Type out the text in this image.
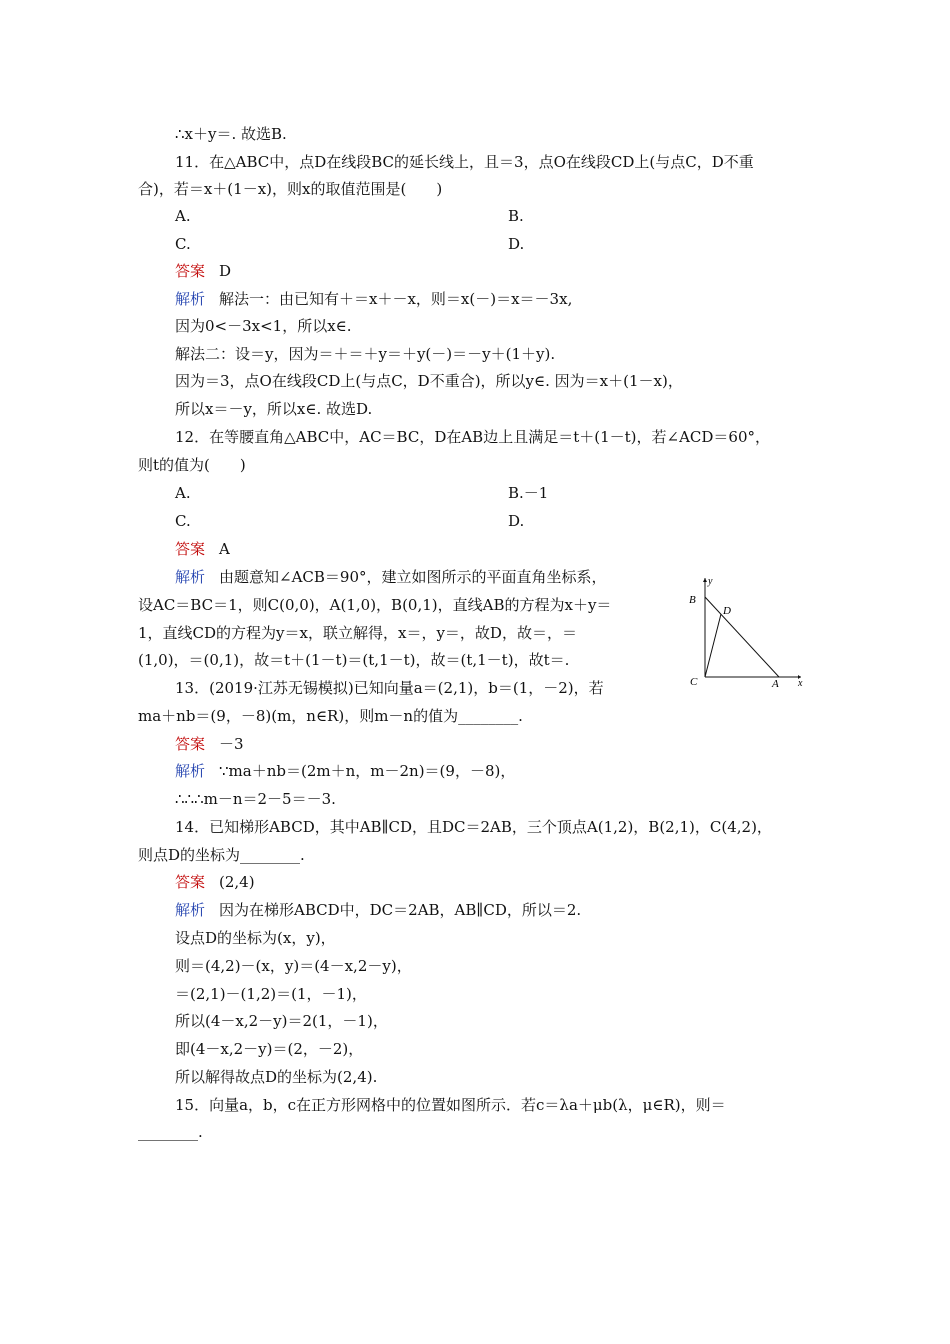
∴x＋y＝. 故选B.
11．在△ABC中，点D在线段BC的延长线上，且＝3，点O在线段CD上(与点C，D不重
合)，若＝x＋(1－x)，则x的取值范围是(　　)
A.	B.
C.	D.
答案 D
解析 解法一：由已知有＋＝x＋－x，则＝x(－)＝x＝－3x,
因为0<－3x<1，所以x∈.
解法二：设＝y，因为＝＋＝＋y＝＋y(－)＝－y＋(1＋y).
因为＝3，点O在线段CD上(与点C，D不重合)，所以y∈. 因为＝x＋(1－x)，
所以x＝－y，所以x∈. 故选D.
12．在等腰直角△ABC中，AC＝BC，D在AB边上且满足＝t＋(1－t)，若∠ACD＝60°，
则t的值为(　　)
A.	B.－1
C.	D.
答案 A
解析 由题意知∠ACB＝90°，建立如图所示的平面直角坐标系，
设AC＝BC＝1，则C(0,0)，A(1,0)，B(0,1)，直线AB的方程为x＋y＝
1，直线CD的方程为y＝x，联立解得，x＝，y＝，故D，故＝，＝
(1,0)，＝(0,1)，故＝t＋(1－t)＝(t,1－t)，故＝(t,1－t)，故t＝.
y
x
B
D
C	A
13．(2019·江苏无锡模拟)已知向量a＝(2,1)，b＝(1，－2)，若
ma＋nb＝(9，－8)(m，n∈R)，则m－n的值为________.
答案 －3
解析 ∵ma＋nb＝(2m＋n，m－2n)＝(9，－8)，
∴∴∴m－n＝2－5＝－3.
14．已知梯形ABCD，其中AB∥CD，且DC＝2AB，三个顶点A(1,2)，B(2,1)，C(4,2)，
则点D的坐标为________.
答案 (2,4)
解析 因为在梯形ABCD中，DC＝2AB，AB∥CD，所以＝2.
设点D的坐标为(x，y)，
则＝(4,2)－(x，y)＝(4－x,2－y)，
＝(2,1)－(1,2)＝(1，－1)，
所以(4－x,2－y)＝2(1，－1)，
即(4－x,2－y)＝(2，－2)，
所以解得故点D的坐标为(2,4).
15．向量a，b，c在正方形网格中的位置如图所示．若c＝λa＋μb(λ，μ∈R)，则＝
________.
